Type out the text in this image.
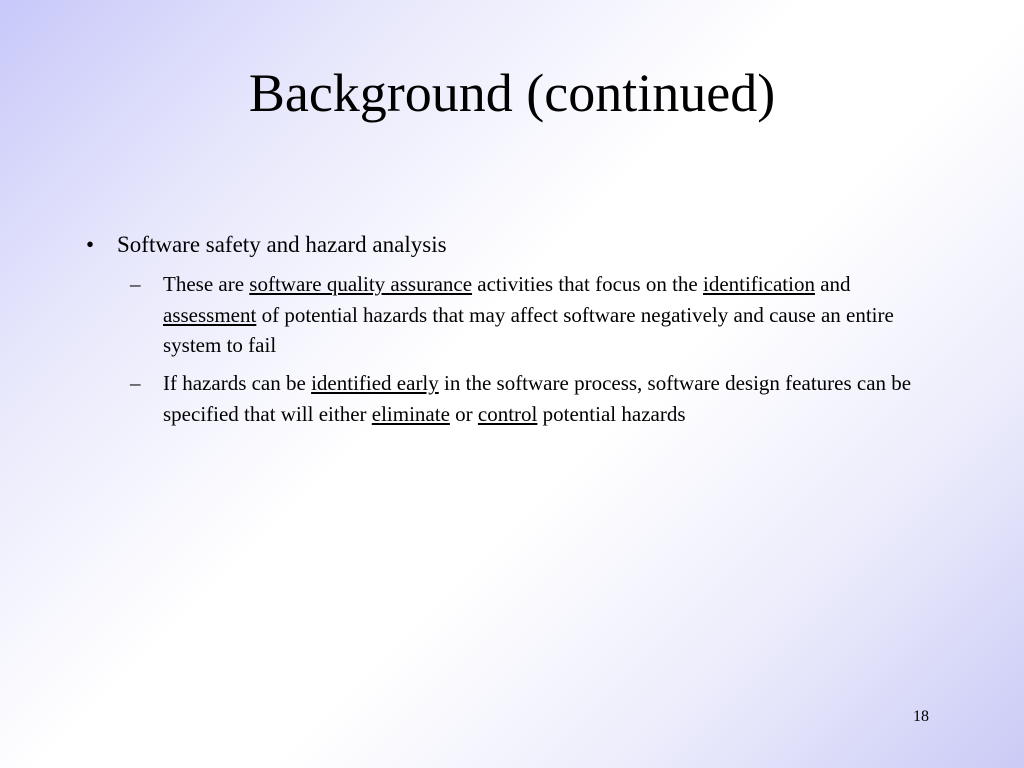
Background (continued)
• Software safety and hazard analysis
– These are software quality assurance activities that focus on the identification and assessment of potential hazards that may affect software negatively and cause an entire system to fail
– If hazards can be identified early in the software process, software design features can be specified that will either eliminate or control potential hazards
18
